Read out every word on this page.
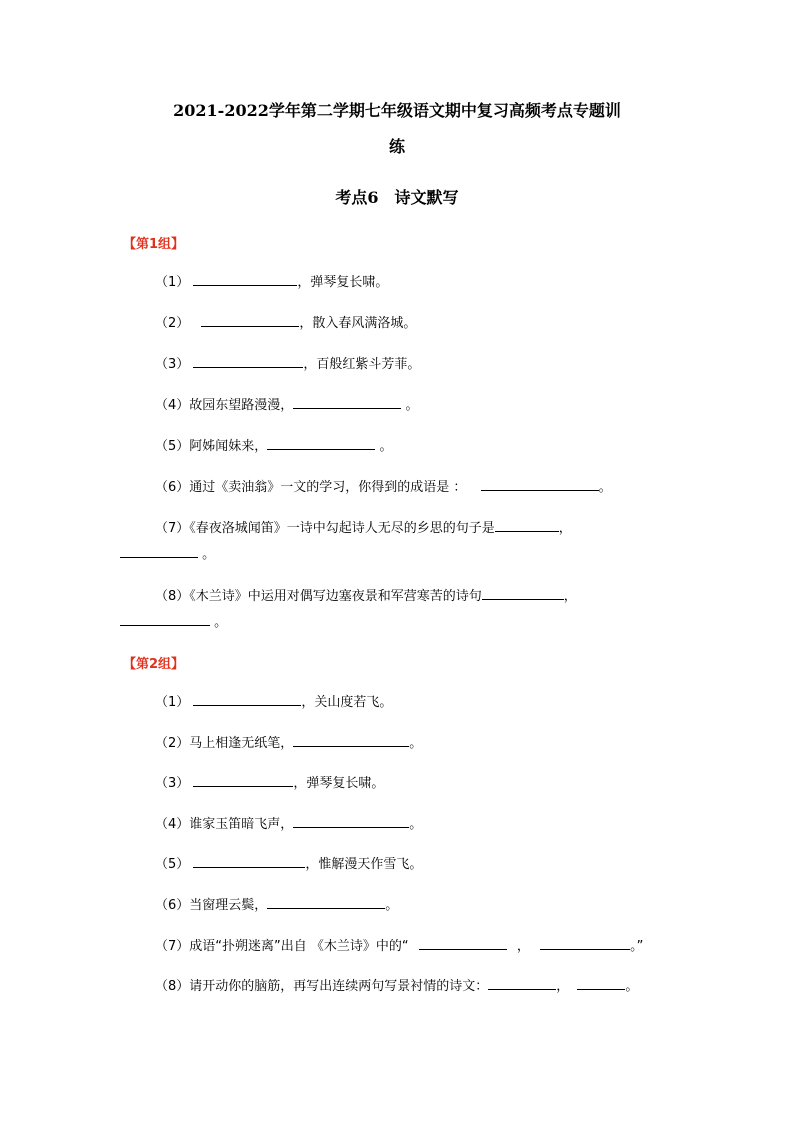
2021-2022学年第二学期七年级语文期中复习高频考点专题训
练
考点6　诗文默写
【第1组】
（1）	，弹琴复长啸。
（2）	，散入春风满洛城。
（3）	，百般红紫斗芳菲。
（4）故园东望路漫漫，	。
（5）阿姊闻妹来，	。
（6）通过《卖油翁》一文的学习，你得到的成语是 ：	。
（7）《春夜洛城闻笛》一诗中勾起诗人无尽的乡思的句子是	，
。
（8）《木兰诗》中运用对偶写边塞夜景和军营寒苦的诗句	，
。
【第2组】
（1）	，关山度若飞。
（2）马上相逢无纸笔，	。
（3）	，弹琴复长啸。
（4）谁家玉笛暗飞声，	。
（5）	，惟解漫天作雪飞。
（6）当窗理云鬓，	。
（7）成语“扑朔迷离”出自 《木兰诗》中的“	，	。”
（8）请开动你的脑筋，再写出连续两句写景衬情的诗文：	，	。
